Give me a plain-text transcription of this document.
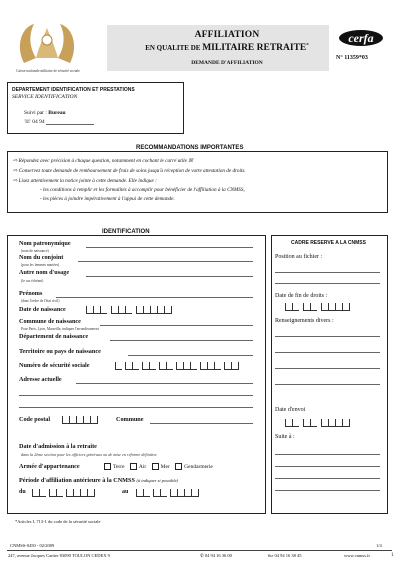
Caisse nationale militaire de sécurité sociale
AFFILIATION
EN QUALITE DE MILITAIRE RETRAITE*
DEMANDE D'AFFILIATION
cerfa
N° 11359*03
DEPARTEMENT IDENTIFICATION ET PRESTATIONS
SERVICE IDENTIFICATION
Suivi par : Bureau
☏ 04 94
RECOMMANDATIONS IMPORTANTES
⇨ Répondez avec précision à chaque question, notamment en cochant le carré utile ☒
⇨ Conservez toute demande de remboursement de frais de soins jusqu'à réception de votre attestation de droits.
⇨ Lisez attentivement la notice jointe à cette demande. Elle indique :
- les conditions à remplir et les formalités à accomplir pour bénéficier de l'affiliation à la CNMSS,
- les pièces à joindre impérativement à l'appui de cette demande.
IDENTIFICATION
Nom patronymique
(nom de naissance)
Nom du conjoint
(pour les femmes mariées)
Autre nom d'usage
(le cas échéant)
Prénoms
(dans l'ordre de l'état civil)
Date de naissance
Commune de naissance
Pour Paris, Lyon, Marseille, indiquer l'arrondissement
Département de naissance
Territoire ou pays de naissance
Numéro de sécurité sociale
Adresse actuelle
Code postal	Commune
Date d'admission à la retraite
dans la 2ème section pour les officiers généraux ou de mise en réforme définitive
Armée d'appartenance	Terre	Air	Mer	Gendarmerie
Période d'affiliation antérieure à la CNMSS (à indiquer si possible)
du	au
CADRE RESERVE A LA CNMSS
Position au fichier :
Date de fin de droits :
Renseignements divers :
Date d'envoi
Suite à :
*Articles L 713-1 du code de la sécurité sociale
CNMSS-0450 - 02/2009	1/4
247, avenue Jacques Cartier 83090 TOULON CEDEX 9	✆ 04 94 16 36 00	℻ 04 94 16 38 45	www.cnmss.fr	1
